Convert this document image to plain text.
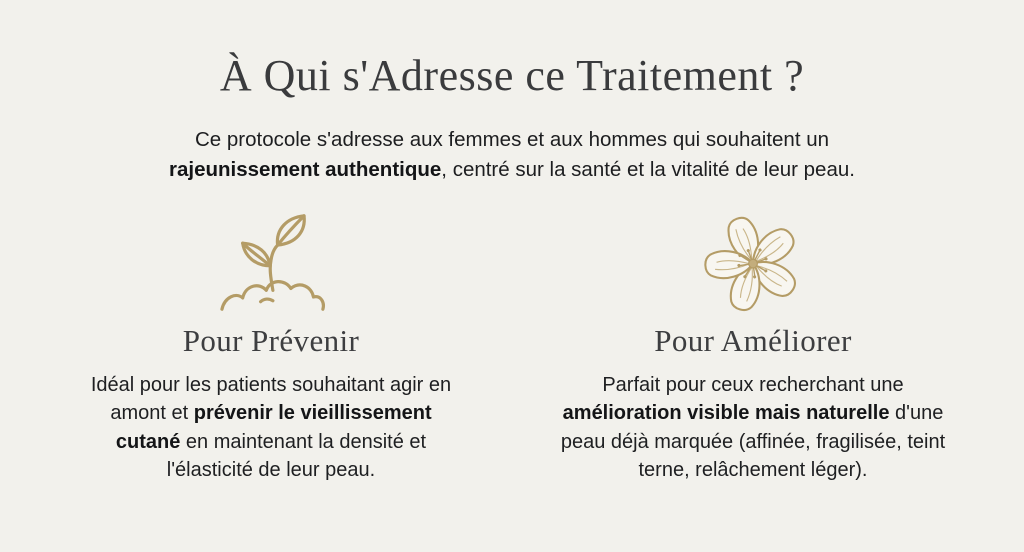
À Qui s'Adresse ce Traitement ?

Ce protocole s'adresse aux femmes et aux hommes qui souhaitent un rajeunissement authentique, centré sur la santé et la vitalité de leur peau.

Pour Prévenir

Idéal pour les patients souhaitant agir en amont et prévenir le vieillissement cutané en maintenant la densité et l'élasticité de leur peau.

Pour Améliorer

Parfait pour ceux recherchant une amélioration visible mais naturelle d'une peau déjà marquée (affinée, fragilisée, teint terne, relâchement léger).
